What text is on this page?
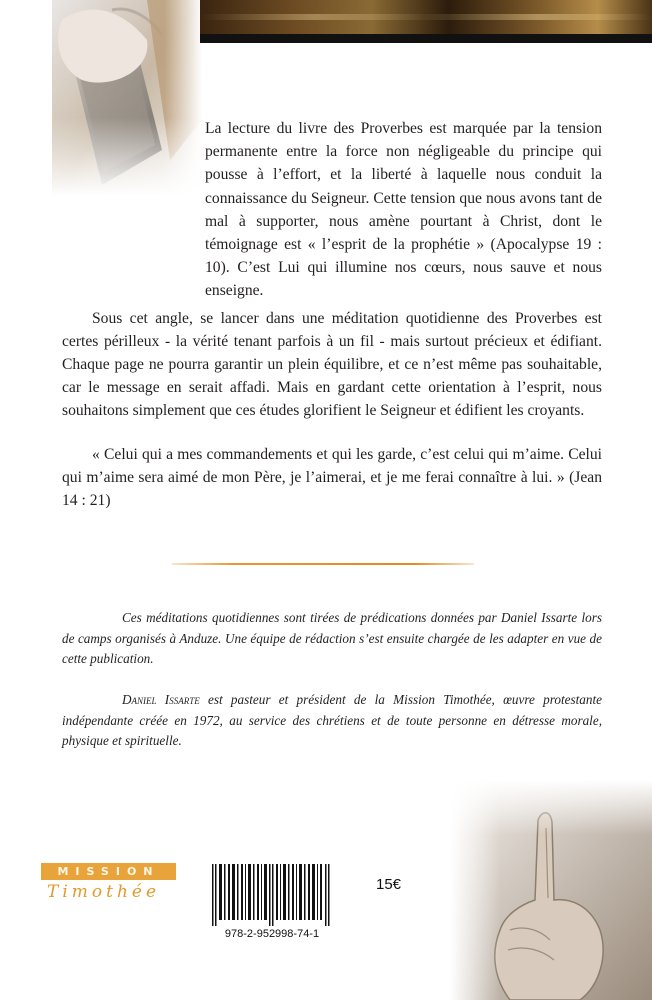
La lecture du livre des Proverbes est marquée par la tension permanente entre la force non négligeable du principe qui pousse à l’effort, et la liberté à laquelle nous conduit la connaissance du Seigneur. Cette tension que nous avons tant de mal à supporter, nous amène pourtant à Christ, dont le témoignage est « l’esprit de la prophétie » (Apocalypse 19 : 10). C’est Lui qui illumine nos cœurs, nous sauve et nous enseigne.

Sous cet angle, se lancer dans une méditation quotidienne des Proverbes est certes périlleux - la vérité tenant parfois à un fil - mais surtout précieux et édifiant. Chaque page ne pourra garantir un plein équilibre, et ce n’est même pas souhaitable, car le message en serait affadi. Mais en gardant cette orientation à l’esprit, nous souhaitons simplement que ces études glorifient le Seigneur et édifient les croyants.

« Celui qui a mes commandements et qui les garde, c’est celui qui m’aime. Celui qui m’aime sera aimé de mon Père, je l’aimerai, et je me ferai connaître à lui. » (Jean 14 : 21)

Ces méditations quotidiennes sont tirées de prédications données par Daniel Issarte lors de camps organisés à Anduze. Une équipe de rédaction s’est ensuite chargée de les adapter en vue de cette publication.

Daniel Issarte est pasteur et président de la Mission Timothée, œuvre protestante indépendante créée en 1972, au service des chrétiens et de toute personne en détresse morale, physique et spirituelle.

MISSION
Timothée
978-2-952998-74-1
15€
